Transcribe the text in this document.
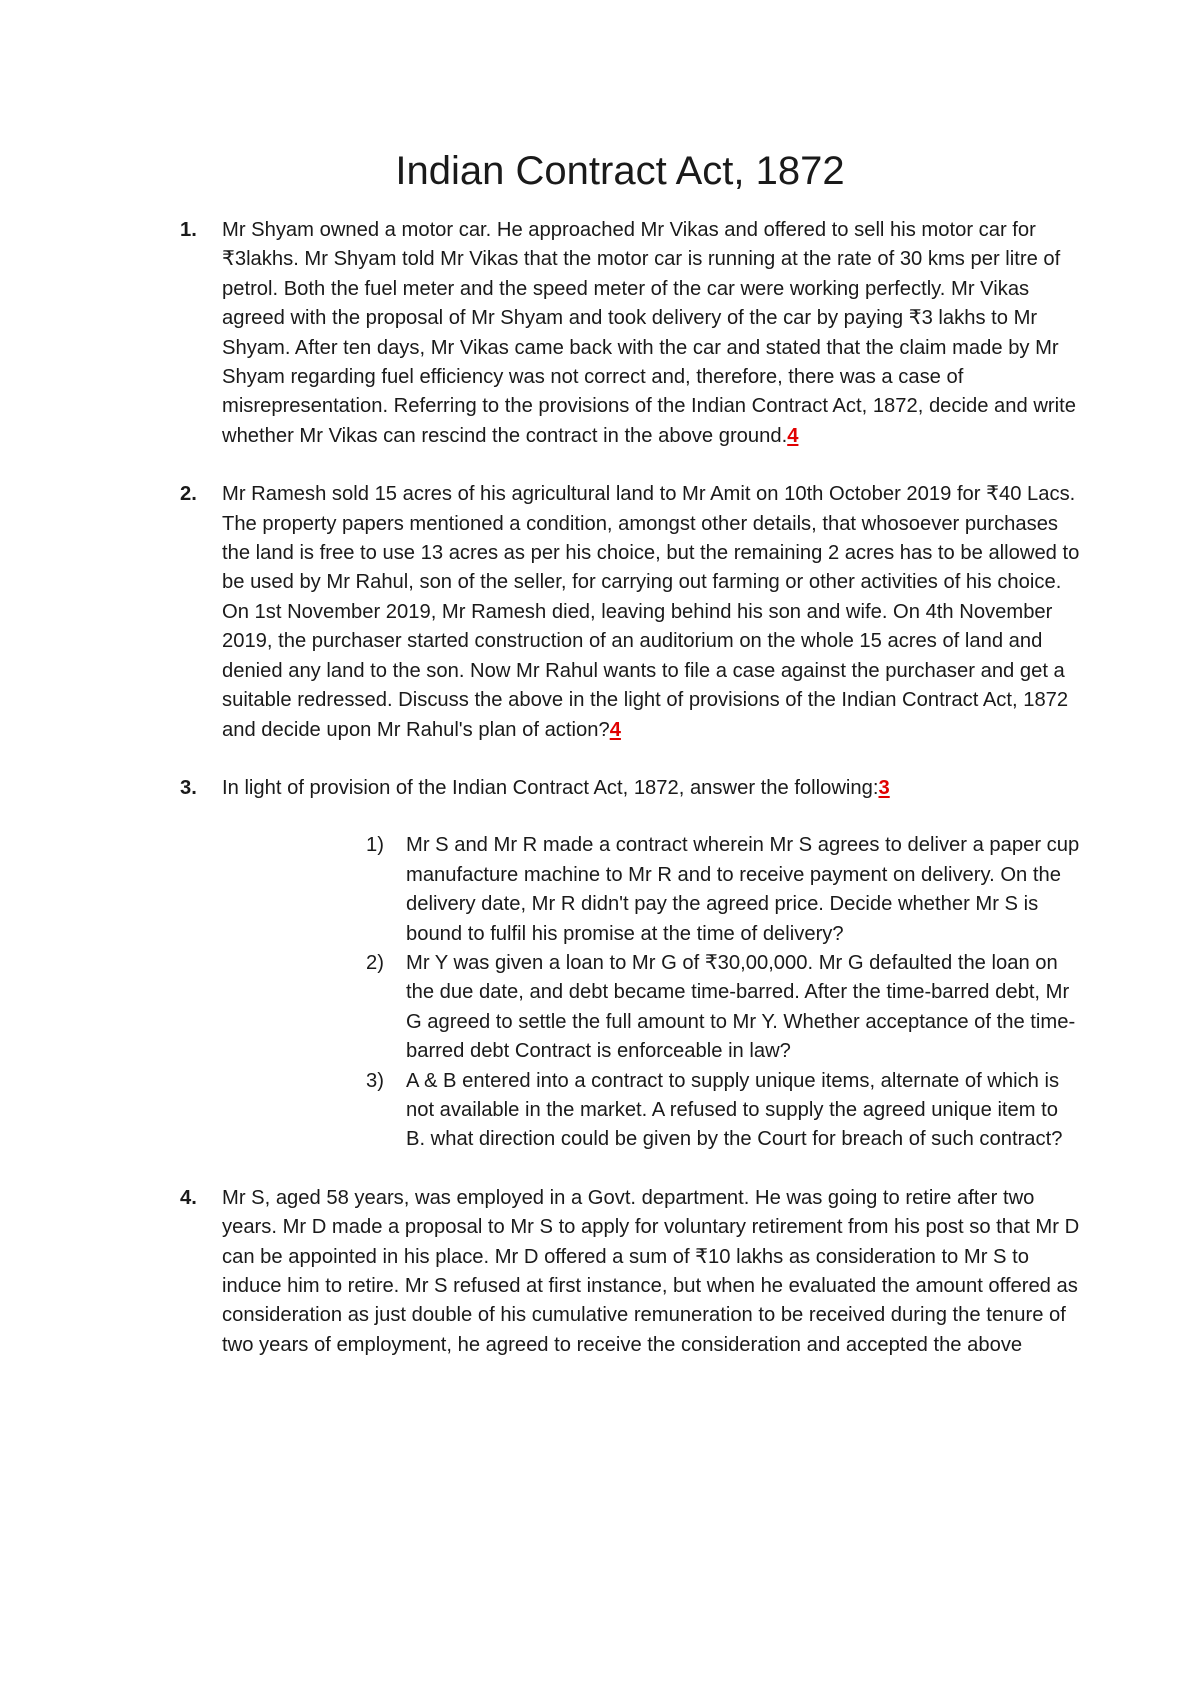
Indian Contract Act, 1872
1. Mr Shyam owned a motor car. He approached Mr Vikas and offered to sell his motor car for ₹3lakhs. Mr Shyam told Mr Vikas that the motor car is running at the rate of 30 kms per litre of petrol. Both the fuel meter and the speed meter of the car were working perfectly. Mr Vikas agreed with the proposal of Mr Shyam and took delivery of the car by paying ₹3 lakhs to Mr Shyam. After ten days, Mr Vikas came back with the car and stated that the claim made by Mr Shyam regarding fuel efficiency was not correct and, therefore, there was a case of misrepresentation. Referring to the provisions of the Indian Contract Act, 1872, decide and write whether Mr Vikas can rescind the contract in the above ground.4
2. Mr Ramesh sold 15 acres of his agricultural land to Mr Amit on 10th October 2019 for ₹40 Lacs. The property papers mentioned a condition, amongst other details, that whosoever purchases the land is free to use 13 acres as per his choice, but the remaining 2 acres has to be allowed to be used by Mr Rahul, son of the seller, for carrying out farming or other activities of his choice. On 1st November 2019, Mr Ramesh died, leaving behind his son and wife. On 4th November 2019, the purchaser started construction of an auditorium on the whole 15 acres of land and denied any land to the son. Now Mr Rahul wants to file a case against the purchaser and get a suitable redressed. Discuss the above in the light of provisions of the Indian Contract Act, 1872 and decide upon Mr Rahul's plan of action?4
3. In light of provision of the Indian Contract Act, 1872, answer the following:3
1) Mr S and Mr R made a contract wherein Mr S agrees to deliver a paper cup manufacture machine to Mr R and to receive payment on delivery. On the delivery date, Mr R didn't pay the agreed price. Decide whether Mr S is bound to fulfil his promise at the time of delivery?
2) Mr Y was given a loan to Mr G of ₹30,00,000. Mr G defaulted the loan on the due date, and debt became time-barred. After the time-barred debt, Mr G agreed to settle the full amount to Mr Y. Whether acceptance of the time-barred debt Contract is enforceable in law?
3) A & B entered into a contract to supply unique items, alternate of which is not available in the market. A refused to supply the agreed unique item to B. what direction could be given by the Court for breach of such contract?
4. Mr S, aged 58 years, was employed in a Govt. department. He was going to retire after two years. Mr D made a proposal to Mr S to apply for voluntary retirement from his post so that Mr D can be appointed in his place. Mr D offered a sum of ₹10 lakhs as consideration to Mr S to induce him to retire. Mr S refused at first instance, but when he evaluated the amount offered as consideration as just double of his cumulative remuneration to be received during the tenure of two years of employment, he agreed to receive the consideration and accepted the above
